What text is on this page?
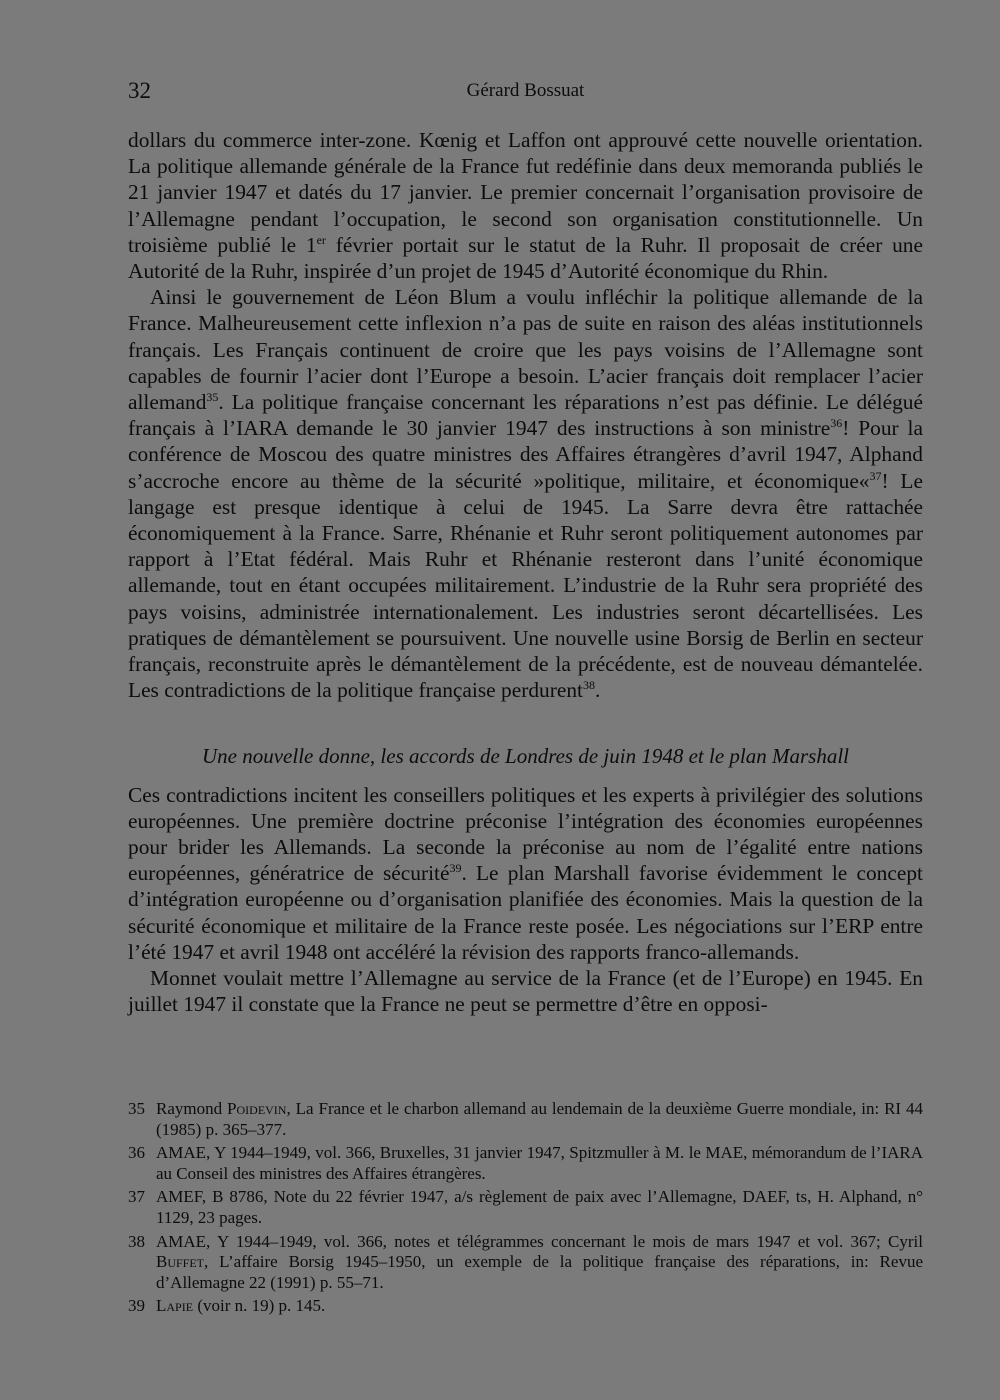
32	Gérard Bossuat

dollars du commerce inter-zone. Kœnig et Laffon ont approuvé cette nouvelle orientation. La politique allemande générale de la France fut redéfinie dans deux memoranda publiés le 21 janvier 1947 et datés du 17 janvier. Le premier concernait l’organisation provisoire de l’Allemagne pendant l’occupation, le second son organisation constitutionnelle. Un troisième publié le 1er février portait sur le statut de la Ruhr. Il proposait de créer une Autorité de la Ruhr, inspirée d’un projet de 1945 d’Autorité économique du Rhin.

Ainsi le gouvernement de Léon Blum a voulu infléchir la politique allemande de la France. Malheureusement cette inflexion n’a pas de suite en raison des aléas institutionnels français. Les Français continuent de croire que les pays voisins de l’Allemagne sont capables de fournir l’acier dont l’Europe a besoin. L’acier français doit remplacer l’acier allemand$^{35}$. La politique française concernant les réparations n’est pas définie. Le délégué français à l’IARA demande le 30 janvier 1947 des instructions à son ministre$^{36}$! Pour la conférence de Moscou des quatre ministres des Affaires étrangères d’avril 1947, Alphand s’accroche encore au thème de la sécurité »politique, militaire, et économique«$^{37}$! Le langage est presque identique à celui de 1945. La Sarre devra être rattachée économiquement à la France. Sarre, Rhénanie et Ruhr seront politiquement autonomes par rapport à l’Etat fédéral. Mais Ruhr et Rhénanie resteront dans l’unité économique allemande, tout en étant occupées militairement. L’industrie de la Ruhr sera propriété des pays voisins, administrée internationalement. Les industries seront décartellisées. Les pratiques de démantèlement se poursuivent. Une nouvelle usine Borsig de Berlin en secteur français, reconstruite après le démantèlement de la précédente, est de nouveau démantelée. Les contradictions de la politique française perdurent$^{38}$.

Une nouvelle donne, les accords de Londres de juin 1948 et le plan Marshall

Ces contradictions incitent les conseillers politiques et les experts à privilégier des solutions européennes. Une première doctrine préconise l’intégration des économies européennes pour brider les Allemands. La seconde la préconise au nom de l’égalité entre nations européennes, génératrice de sécurité$^{39}$. Le plan Marshall favorise évidemment le concept d’intégration européenne ou d’organisation planifiée des économies. Mais la question de la sécurité économique et militaire de la France reste posée. Les négociations sur l’ERP entre l’été 1947 et avril 1948 ont accéléré la révision des rapports franco-allemands.

Monnet voulait mettre l’Allemagne au service de la France (et de l’Europe) en 1945. En juillet 1947 il constate que la France ne peut se permettre d’être en opposi-

35 Raymond Poidevin, La France et le charbon allemand au lendemain de la deuxième Guerre mondiale, in: RI 44 (1985) p. 365–377.
36 AMAE, Y 1944–1949, vol. 366, Bruxelles, 31 janvier 1947, Spitzmuller à M. le MAE, mémorandum de l’IARA au Conseil des ministres des Affaires étrangères.
37 AMEF, B 8786, Note du 22 février 1947, a/s règlement de paix avec l’Allemagne, DAEF, ts, H. Alphand, n° 1129, 23 pages.
38 AMAE, Y 1944–1949, vol. 366, notes et télégrammes concernant le mois de mars 1947 et vol. 367; Cyril Buffet, L’affaire Borsig 1945–1950, un exemple de la politique française des réparations, in: Revue d’Allemagne 22 (1991) p. 55–71.
39 Lapie (voir n. 19) p. 145.
